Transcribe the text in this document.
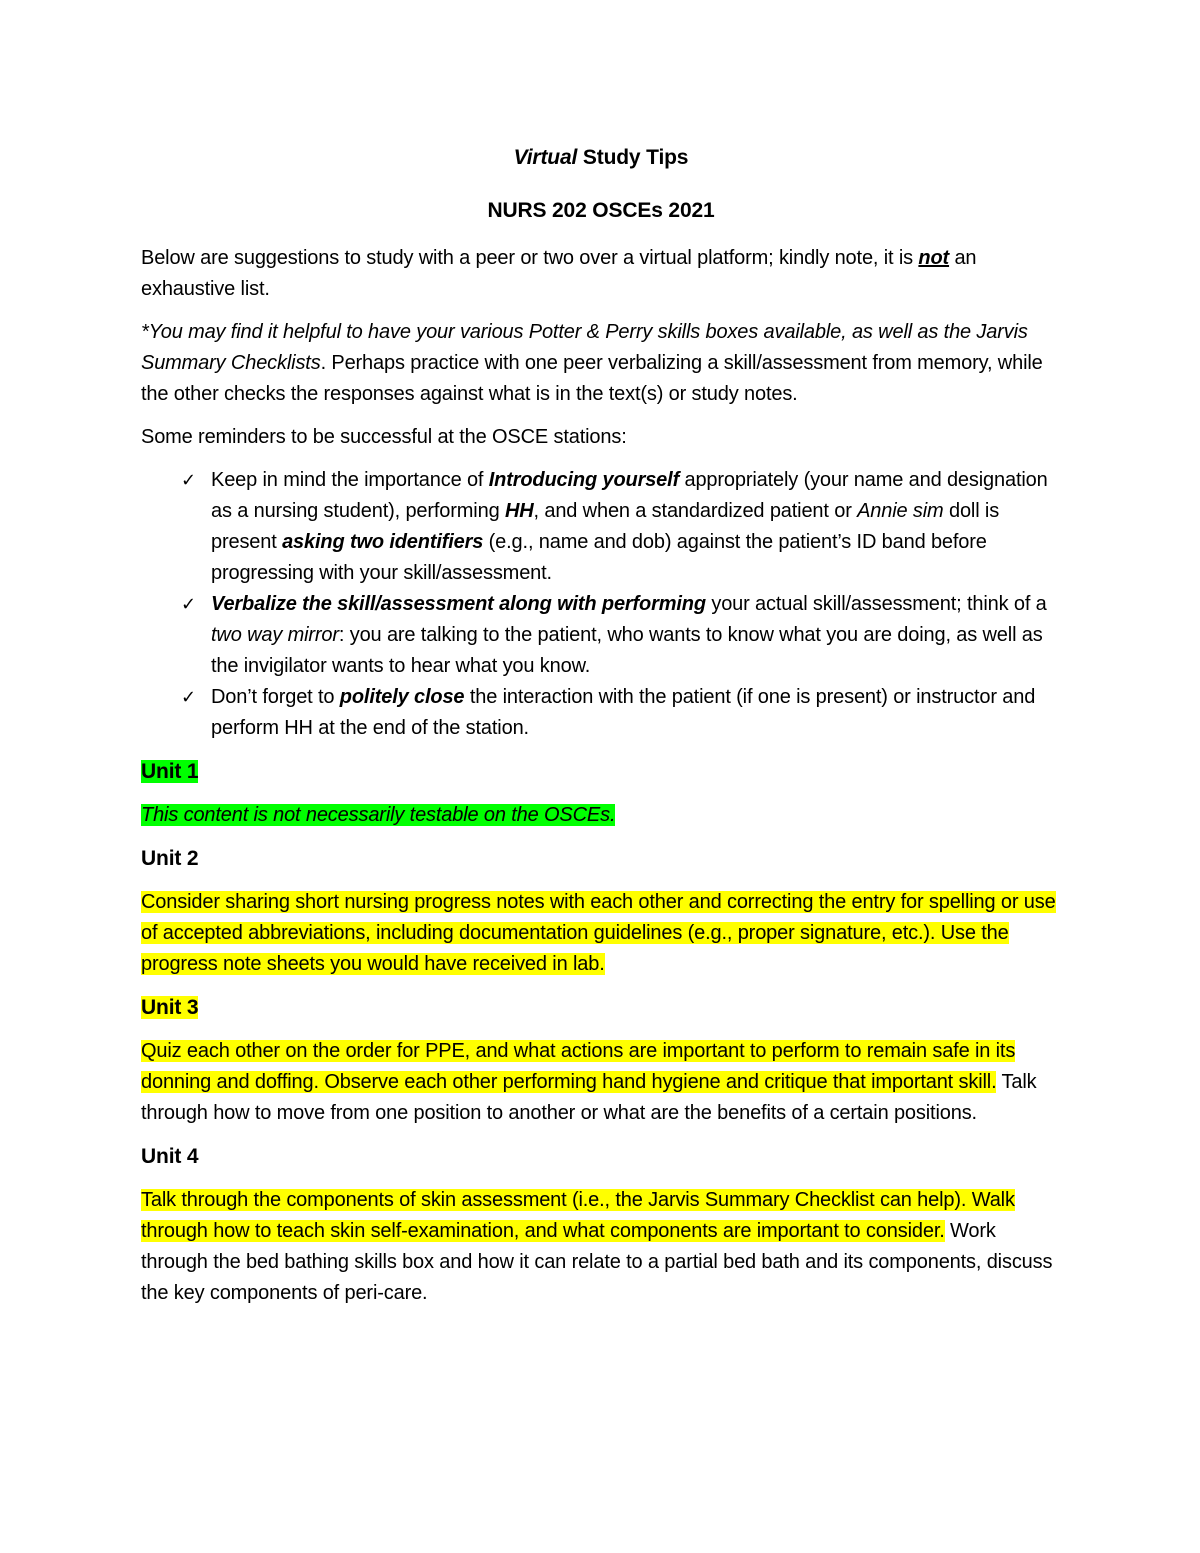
Virtual Study Tips
NURS 202 OSCEs 2021

Below are suggestions to study with a peer or two over a virtual platform; kindly note, it is not an exhaustive list.

*You may find it helpful to have your various Potter & Perry skills boxes available, as well as the Jarvis Summary Checklists. Perhaps practice with one peer verbalizing a skill/assessment from memory, while the other checks the responses against what is in the text(s) or study notes.

Some reminders to be successful at the OSCE stations:

✓ Keep in mind the importance of Introducing yourself appropriately (your name and designation as a nursing student), performing HH, and when a standardized patient or Annie sim doll is present asking two identifiers (e.g., name and dob) against the patient’s ID band before progressing with your skill/assessment.
✓ Verbalize the skill/assessment along with performing your actual skill/assessment; think of a two way mirror: you are talking to the patient, who wants to know what you are doing, as well as the invigilator wants to hear what you know.
✓ Don’t forget to politely close the interaction with the patient (if one is present) or instructor and perform HH at the end of the station.
Unit 1

This content is not necessarily testable on the OSCEs.

Unit 2

Consider sharing short nursing progress notes with each other and correcting the entry for spelling or use of accepted abbreviations, including documentation guidelines (e.g., proper signature, etc.). Use the progress note sheets you would have received in lab.

Unit 3

Quiz each other on the order for PPE, and what actions are important to perform to remain safe in its donning and doffing. Observe each other performing hand hygiene and critique that important skill. Talk through how to move from one position to another or what are the benefits of a certain positions.

Unit 4

Talk through the components of skin assessment (i.e., the Jarvis Summary Checklist can help). Walk through how to teach skin self-examination, and what components are important to consider. Work through the bed bathing skills box and how it can relate to a partial bed bath and its components, discuss the key components of peri-care.
